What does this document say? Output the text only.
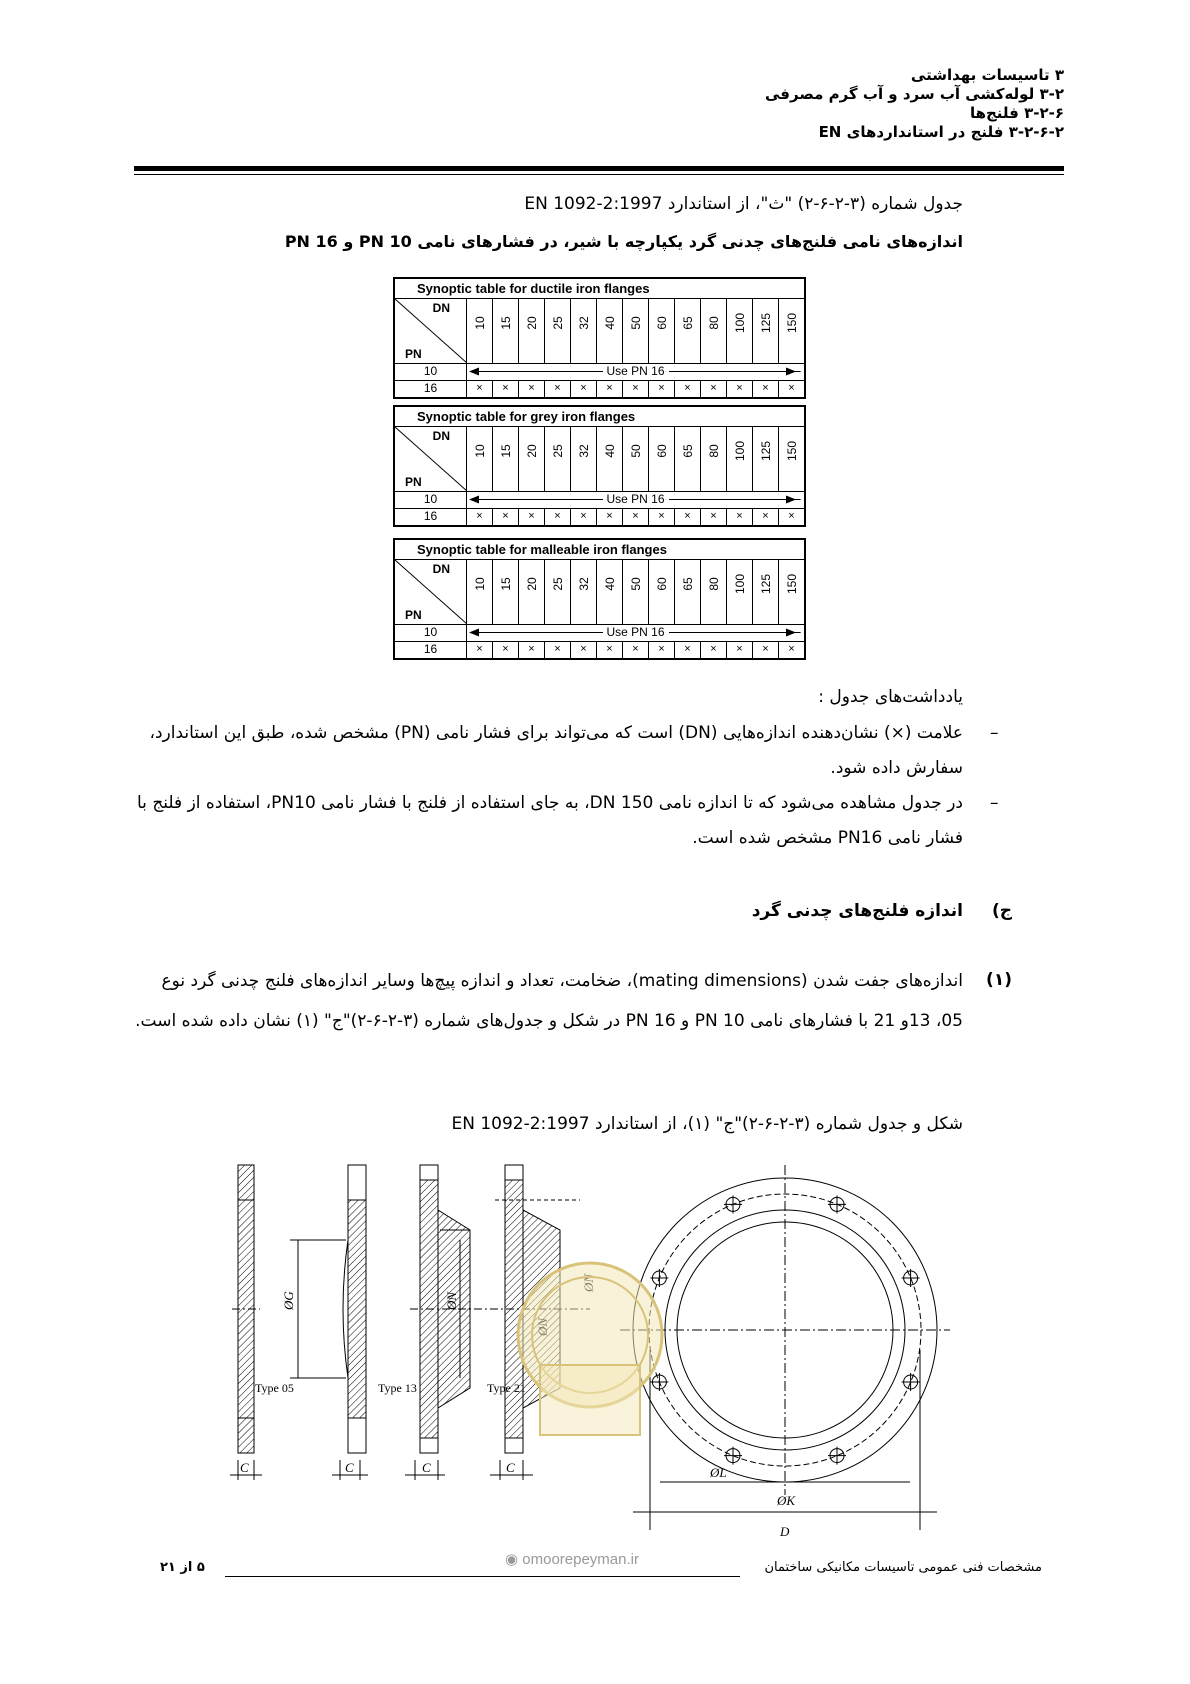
۳ تاسیسات بهداشتی
۳-۲ لوله‌کشی آب سرد و آب گرم مصرفی
۳-۲-۶ فلنج‌ها
۳-۲-۶-۲ فلنج در استانداردهای EN
جدول شماره (۳-۲-۶-۲) "ث"، از استاندارد EN 1092-2:1997
اندازه‌های نامی فلنج‌های چدنی گرد یکپارچه با شیر، در فشارهای نامی PN 10 و PN 16
Synoptic table for ductile iron flanges
DN
PN
10 15 20 25 32 40 50 60 65 80 100 125 150
10	Use PN 16
16	×	×	×	×	×	×	×	×	×	×	×	×	×
Synoptic table for grey iron flanges
DN
PN
10 15 20 25 32 40 50 60 65 80 100 125 150
10	Use PN 16
16	×	×	×	×	×	×	×	×	×	×	×	×	×
Synoptic table for malleable iron flanges
DN
PN
10 15 20 25 32 40 50 60 65 80 100 125 150
10	Use PN 16
16	×	×	×	×	×	×	×	×	×	×	×	×	×
یادداشت‌های جدول :
علامت (×) نشان‌دهنده اندازه‌هایی (DN) است که می‌تواند برای فشار نامی (PN) مشخص شده، طبق این استاندارد، سفارش داده شود.
–
در جدول مشاهده می‌شود که تا اندازه نامی DN 150، به جای استفاده از فلنج با فشار نامی PN10، استفاده از فلنج با فشار نامی PN16 مشخص شده است.
–
ج)
اندازه فلنج‌های چدنی گرد
(۱)
اندازه‌های جفت شدن (mating dimensions)، ضخامت، تعداد و اندازه پیچ‌ها وسایر اندازه‌های فلنج چدنی گرد نوع 05، 13و 21 با فشارهای نامی PN 10 و PN 16 در شکل و جدول‌های شماره (۳-۲-۶-۲)"ج" (۱) نشان داده شده است.
شکل و جدول شماره (۳-۲-۶-۲)"ج" (۱)، از استاندارد EN 1092-2:1997
Type 05	Type 13	Type 21
C	C	C	C	ØL
ØK
D
ØG	ØN
◉ omoorepeyman.ir	مشخصات فنی عمومی تاسیسات مکانیکی ساختمان
۵ از ۲۱
